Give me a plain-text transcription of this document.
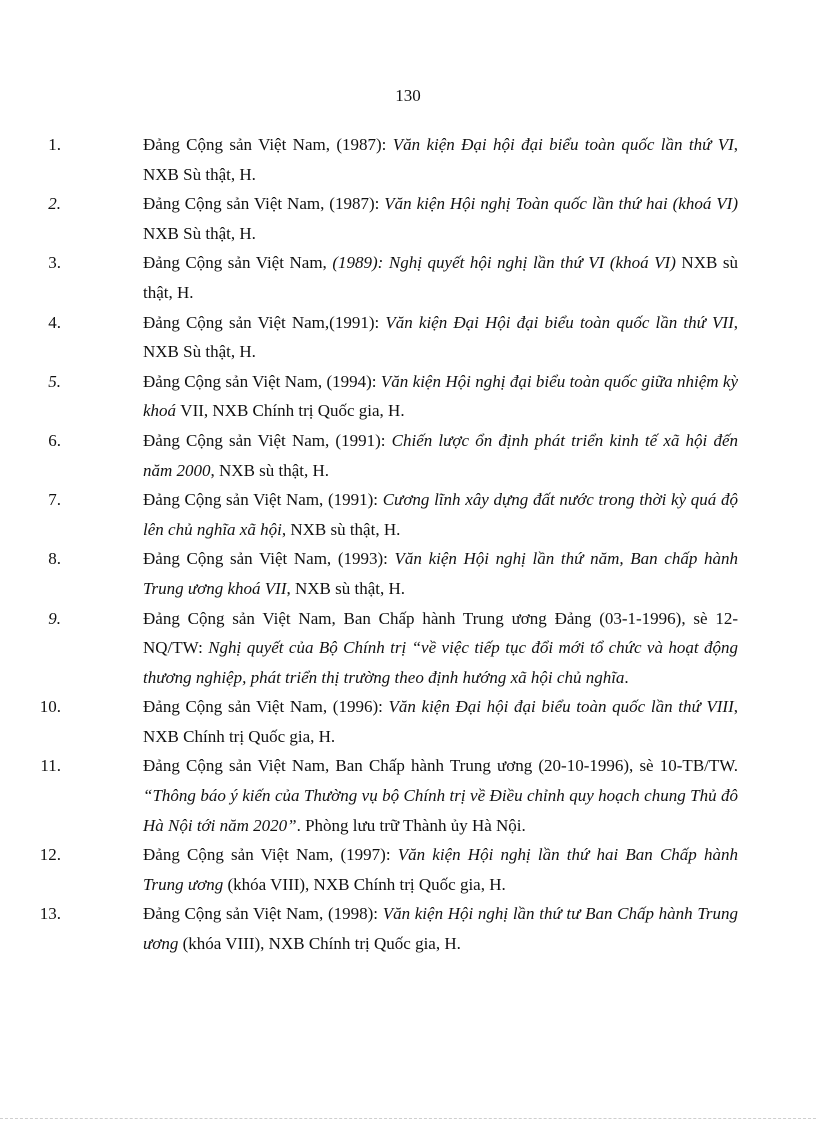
130
1.	Đảng Cộng sản Việt Nam, (1987): Văn kiện Đại hội đại biểu toàn quốc lần thứ VI, NXB Sù thật, H.
2.	Đảng Cộng sản Việt Nam, (1987): Văn kiện Hội nghị Toàn quốc lần thứ hai (khoá VI) NXB Sù thật, H.
3.	Đảng Cộng sản Việt Nam, (1989): Nghị quyết hội nghị lần thứ VI (khoá VI) NXB sù thật, H.
4.	Đảng Cộng sản Việt Nam,(1991): Văn kiện Đại Hội đại biểu toàn quốc lần thứ VII, NXB Sù thật, H.
5.	Đảng Cộng sản Việt Nam, (1994): Văn kiện Hội nghị đại biểu toàn quốc giữa nhiệm kỳ khoá VII, NXB Chính trị Quốc gia, H.
6.	Đảng Cộng sản Việt Nam, (1991): Chiến lược ổn định phát triển kinh tế xã hội đến năm 2000, NXB sù thật, H.
7.	Đảng Cộng sản Việt Nam, (1991): Cương lĩnh xây dựng đất nước trong thời kỳ quá độ lên chủ nghĩa xã hội, NXB sù thật, H.
8.	Đảng Cộng sản Việt Nam, (1993): Văn kiện Hội nghị lần thứ năm, Ban chấp hành Trung ương khoá VII, NXB sù thật, H.
9.	Đảng Cộng sản Việt Nam, Ban Chấp hành Trung ương Đảng (03-1-1996), sè 12-NQ/TW: Nghị quyết của Bộ Chính trị “về việc tiếp tục đổi mới tổ chức và hoạt động thương nghiệp, phát triển thị trường theo định hướng xã hội chủ nghĩa.
10.	Đảng Cộng sản Việt Nam, (1996): Văn kiện Đại hội đại biểu toàn quốc lần thứ VIII, NXB Chính trị Quốc gia, H.
11.	Đảng Cộng sản Việt Nam, Ban Chấp hành Trung ương (20-10-1996), sè 10-TB/TW. “Thông báo ý kiến của Thường vụ bộ Chính trị về Điều chỉnh quy hoạch chung Thủ đô Hà Nội tới năm 2020”. Phòng lưu trữ Thành ủy Hà Nội.
12.	Đảng Cộng sản Việt Nam, (1997): Văn kiện Hội nghị lần thứ hai Ban Chấp hành Trung ương (khóa VIII), NXB Chính trị Quốc gia, H.
13.	Đảng Cộng sản Việt Nam, (1998): Văn kiện Hội nghị lần thứ tư Ban Chấp hành Trung ương (khóa VIII), NXB Chính trị Quốc gia, H.
